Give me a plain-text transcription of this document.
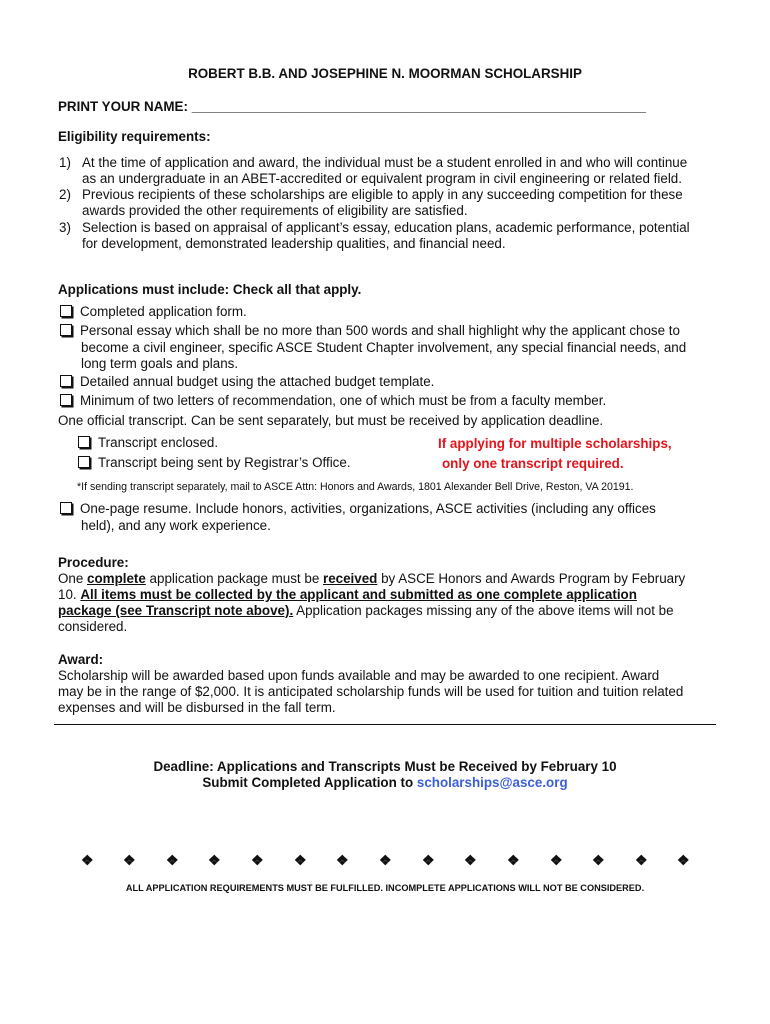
ROBERT B.B. AND JOSEPHINE N. MOORMAN SCHOLARSHIP
PRINT YOUR NAME: _____________________________________________________________
Eligibility requirements:
1) At the time of application and award, the individual must be a student enrolled in and who will continue
as an undergraduate in an ABET-accredited or equivalent program in civil engineering or related field.
2) Previous recipients of these scholarships are eligible to apply in any succeeding competition for these
awards provided the other requirements of eligibility are satisfied.
3) Selection is based on appraisal of applicant’s essay, education plans, academic performance, potential
for development, demonstrated leadership qualities, and financial need.
Applications must include: Check all that apply.
Completed application form.
Personal essay which shall be no more than 500 words and shall highlight why the applicant chose to
become a civil engineer, specific ASCE Student Chapter involvement, any special financial needs, and
long term goals and plans.
Detailed annual budget using the attached budget template.
Minimum of two letters of recommendation, one of which must be from a faculty member.
One official transcript. Can be sent separately, but must be received by application deadline.
Transcript enclosed.
Transcript being sent by Registrar’s Office.
If applying for multiple scholarships,
only one transcript required.
*If sending transcript separately, mail to ASCE Attn: Honors and Awards, 1801 Alexander Bell Drive, Reston, VA 20191.
One-page resume. Include honors, activities, organizations, ASCE activities (including any offices
held), and any work experience.
Procedure:
One complete application package must be received by ASCE Honors and Awards Program by February
10. All items must be collected by the applicant and submitted as one complete application
package (see Transcript note above). Application packages missing any of the above items will not be
considered.
Award:
Scholarship will be awarded based upon funds available and may be awarded to one recipient. Award
may be in the range of $2,000. It is anticipated scholarship funds will be used for tuition and tuition related
expenses and will be disbursed in the fall term.
Deadline: Applications and Transcripts Must be Received by February 10
Submit Completed Application to scholarships@asce.org
❖ ❖ ❖ ❖ ❖ ❖ ❖ ❖ ❖ ❖ ❖ ❖ ❖ ❖ ❖
ALL APPLICATION REQUIREMENTS MUST BE FULFILLED. INCOMPLETE APPLICATIONS WILL NOT BE CONSIDERED.
